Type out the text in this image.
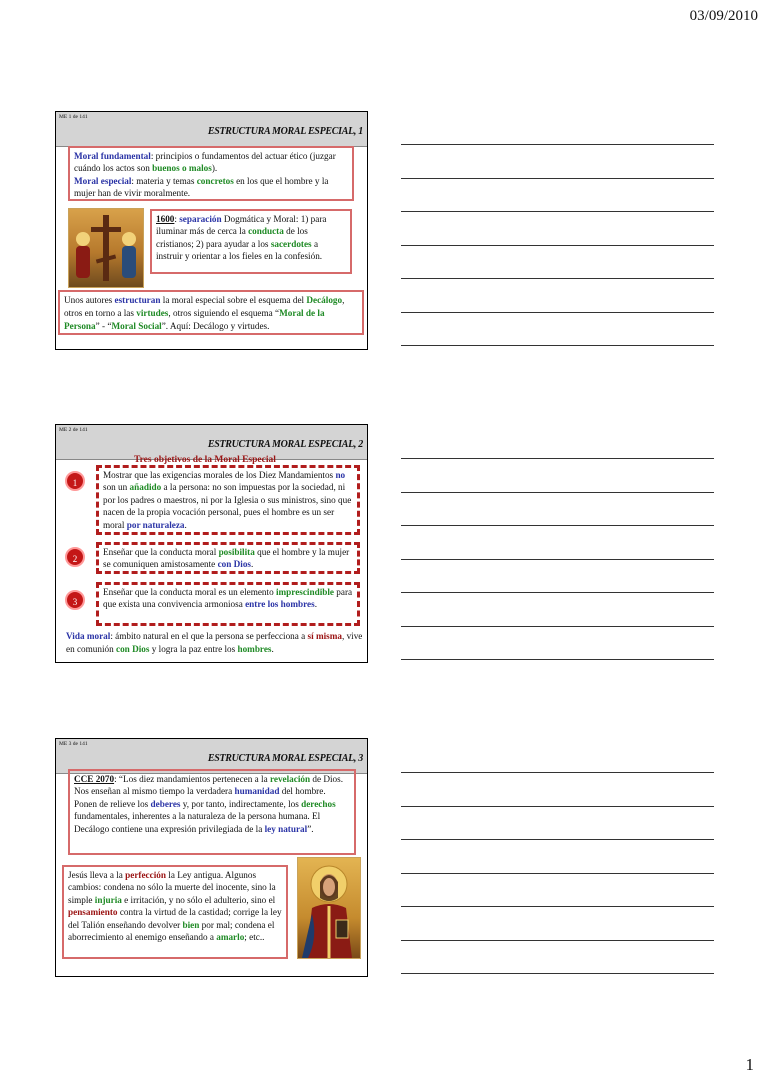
03/09/2010
ME 1 de 141
ESTRUCTURA MORAL ESPECIAL, 1
Moral fundamental: principios o fundamentos del actuar ético (juzgar cuándo los actos son buenos o malos).
Moral especial: materia y temas concretos en los que el hombre y la mujer han de vivir moralmente.
1600: separación Dogmática y Moral: 1) para iluminar más de cerca la conducta de los cristianos; 2) para ayudar a los sacerdotes a instruir y orientar a los fieles en la confesión.
Unos autores estructuran la moral especial sobre el esquema del Decálogo, otros en torno a las virtudes, otros siguiendo el esquema “Moral de la Persona” - “Moral Social”. Aquí: Decálogo y virtudes.
ME 2 de 141
ESTRUCTURA MORAL ESPECIAL, 2
Tres objetivos de la Moral Especial
1
Mostrar que las exigencias morales de los Diez Mandamientos no son un añadido a la persona: no son impuestas por la sociedad, ni por los padres o maestros, ni por la Iglesia o sus ministros, sino que nacen de la propia vocación personal, pues el hombre es un ser moral por naturaleza.
2
Enseñar que la conducta moral posibilita que el hombre y la mujer se comuniquen amistosamente con Dios.
3
Enseñar que la conducta moral es un elemento imprescindible para que exista una convivencia armoniosa entre los hombres.
Vida moral: ámbito natural en el que la persona se perfecciona a sí misma, vive en comunión con Dios y logra la paz entre los hombres.
ME 3 de 141
ESTRUCTURA MORAL ESPECIAL, 3
CCE 2070: “Los diez mandamientos pertenecen a la revelación de Dios. Nos enseñan al mismo tiempo la verdadera humanidad del hombre. Ponen de relieve los deberes y, por tanto, indirectamente, los derechos fundamentales, inherentes a la naturaleza de la persona humana. El Decálogo contiene una expresión privilegiada de la ley natural”.
Jesús lleva a la perfección la Ley antigua. Algunos cambios: condena no sólo la muerte del inocente, sino la simple injuria e irritación, y no sólo el adulterio, sino el pensamiento contra la virtud de la castidad; corrige la ley del Talión enseñando devolver bien por mal; condena el aborrecimiento al enemigo enseñando a amarlo; etc..
1
